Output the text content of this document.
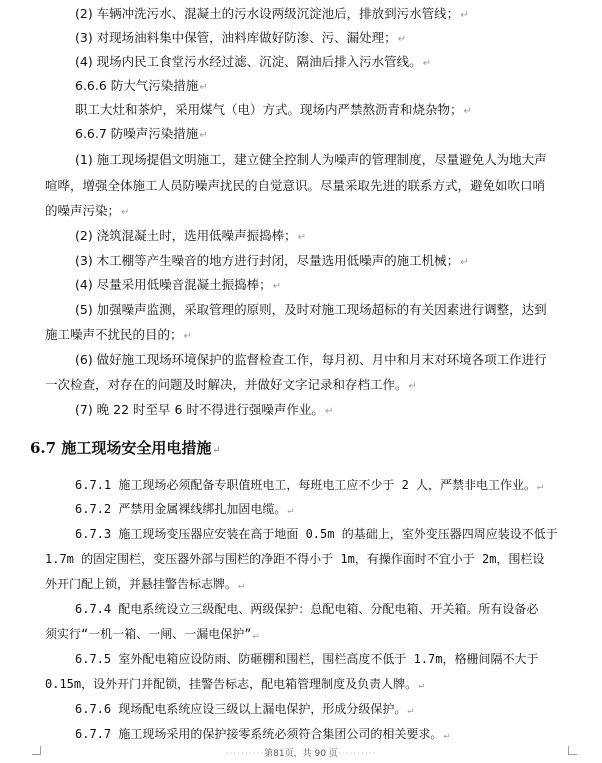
(2) 车辆冲洗污水、混凝土的污水设两级沉淀池后，排放到污水管线；↵
(3) 对现场油料集中保管，油料库做好防渗、污、漏处理；↵
(4) 现场内民工食堂污水经过滤、沉淀、隔油后排入污水管线。↵
6.6.6 防大气污染措施↵
职工大灶和茶炉，采用煤气（电）方式。现场内严禁熬沥青和烧杂物；↵
6.6.7 防噪声污染措施↵
(1) 施工现场提倡文明施工，建立健全控制人为噪声的管理制度，尽量避免人为地大声
喧哗，增强全体施工人员防噪声扰民的自觉意识。尽量采取先进的联系方式，避免如吹口哨
的噪声污染；↵
(2) 浇筑混凝土时，选用低噪声振捣棒；↵
(3) 木工棚等产生噪音的地方进行封闭，尽量选用低噪声的施工机械；↵
(4) 尽量采用低噪音混凝土振捣棒；↵
(5) 加强噪声监测，采取管理的原则，及时对施工现场超标的有关因素进行调整，达到
施工噪声不扰民的目的；↵
(6) 做好施工现场环境保护的监督检查工作，每月初、月中和月末对环境各项工作进行
一次检查，对存在的问题及时解决，并做好文字记录和存档工作。↵
(7) 晚 22 时至早 6 时不得进行强噪声作业。↵
6.7 施工现场安全用电措施↵
6.7.1 施工现场必须配备专职值班电工，每班电工应不少于 2 人，严禁非电工作业。↵
6.7.2 严禁用金属裸线绑扎加固电缆。↵
6.7.3 施工现场变压器应安装在高于地面 0.5m 的基础上，室外变压器四周应装设不低于
1.7m 的固定围栏，变压器外部与围栏的净距不得小于 1m，有操作面时不宜小于 2m，围栏设
外开门配上锁，并悬挂警告标志牌。↵
6.7.4 配电系统设立三级配电、两级保护：总配电箱、分配电箱、开关箱。所有设备必
须实行“一机一箱、一闸、一漏电保护”↵
6.7.5 室外配电箱应设防雨、防砸棚和围栏，围栏高度不低于 1.7m，格栅间隔不大于
0.15m，设外开门并配锁，挂警告标志，配电箱管理制度及负责人牌。↵
6.7.6 现场配电系统应设三级以上漏电保护，形成分级保护。↵
6.7.7 施工现场采用的保护接零系统必须符合集团公司的相关要求。↵
··········第81页，共 90 页··········
